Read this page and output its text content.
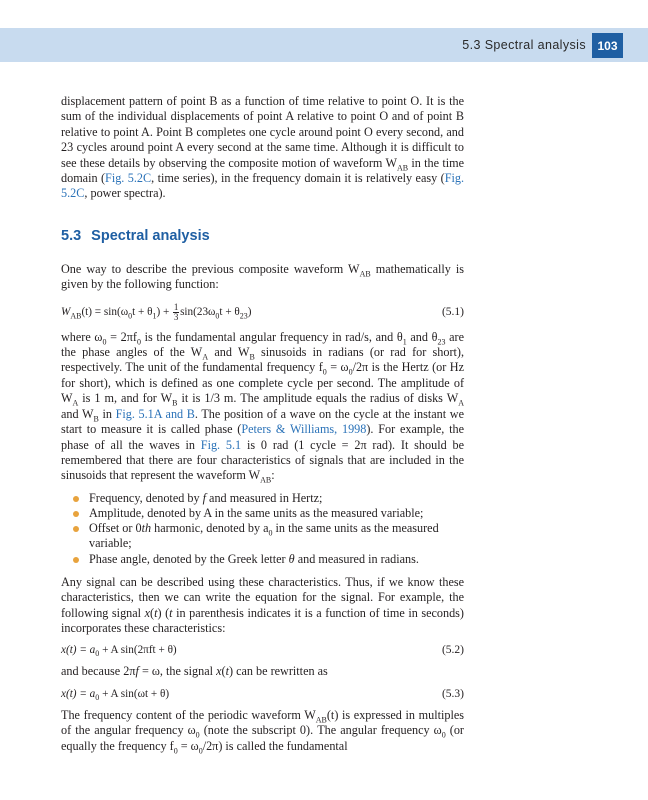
5.3 Spectral analysis 103

displacement pattern of point B as a function of time relative to point O. It is the sum of the individual displacements of point A relative to point O and of point B relative to point A. Point B completes one cycle around point O every second, and 23 cycles around point A every second at the same time. Although it is difficult to see these details by observing the composite motion of waveform $W_{AB}$ in the time domain (Fig. 5.2C, time series), in the frequency domain it is relatively easy (Fig. 5.2C, power spectra).

5.3 Spectral analysis

One way to describe the previous composite waveform $W_{AB}$ mathematically is given by the following function:

$W_{AB}(t) = \sin(\omega_0t + \theta_1) + \frac{1}{3} \sin(23\omega_0t + \theta_{23})$	(5.1)

where $\omega_0 = 2\pi f_0$ is the fundamental angular frequency in rad/s, and $\theta_1$ and $\theta_{23}$ are the phase angles of the $W_A$ and $W_B$ sinusoids in radians (or rad for short), respectively. The unit of the fundamental frequency $f_0 = \omega_0/2\pi$ is the Hertz (or Hz for short), which is defined as one complete cycle per second. The amplitude of $W_A$ is 1 m, and for $W_B$ it is 1/3 m. The amplitude equals the radius of disks $W_A$ and $W_B$ in Fig. 5.1A and B. The position of a wave on the cycle at the instant we start to measure it is called phase (Peters & Williams, 1998). For example, the phase of all the waves in Fig. 5.1 is 0 rad (1 cycle = 2π rad). It should be remembered that there are four characteristics of signals that are included in the sinusoids that represent the waveform $W_{AB}$:

Frequency, denoted by f and measured in Hertz;
Amplitude, denoted by A in the same units as the measured variable;
Offset or 0th harmonic, denoted by $a_0$ in the same units as the measured variable;
Phase angle, denoted by the Greek letter θ and measured in radians.

Any signal can be described using these characteristics. Thus, if we know these characteristics, then we can write the equation for the signal. For example, the following signal x(t) (t in parenthesis indicates it is a function of time in seconds) incorporates these characteristics:

$x(t) = a_0 + A$ sin(2πft + θ)	(5.2)

and because 2πf = ω, the signal x(t) can be rewritten as

$x(t) = a_0 + A$ sin(ωt + θ)	(5.3)

The frequency content of the periodic waveform $W_{AB}(t)$ is expressed in multiples of the angular frequency $\omega_0$ (note the subscript 0). The angular frequency $\omega_0$ (or equally the frequency $f_0 = \omega_0/2\pi$) is called the fundamental
